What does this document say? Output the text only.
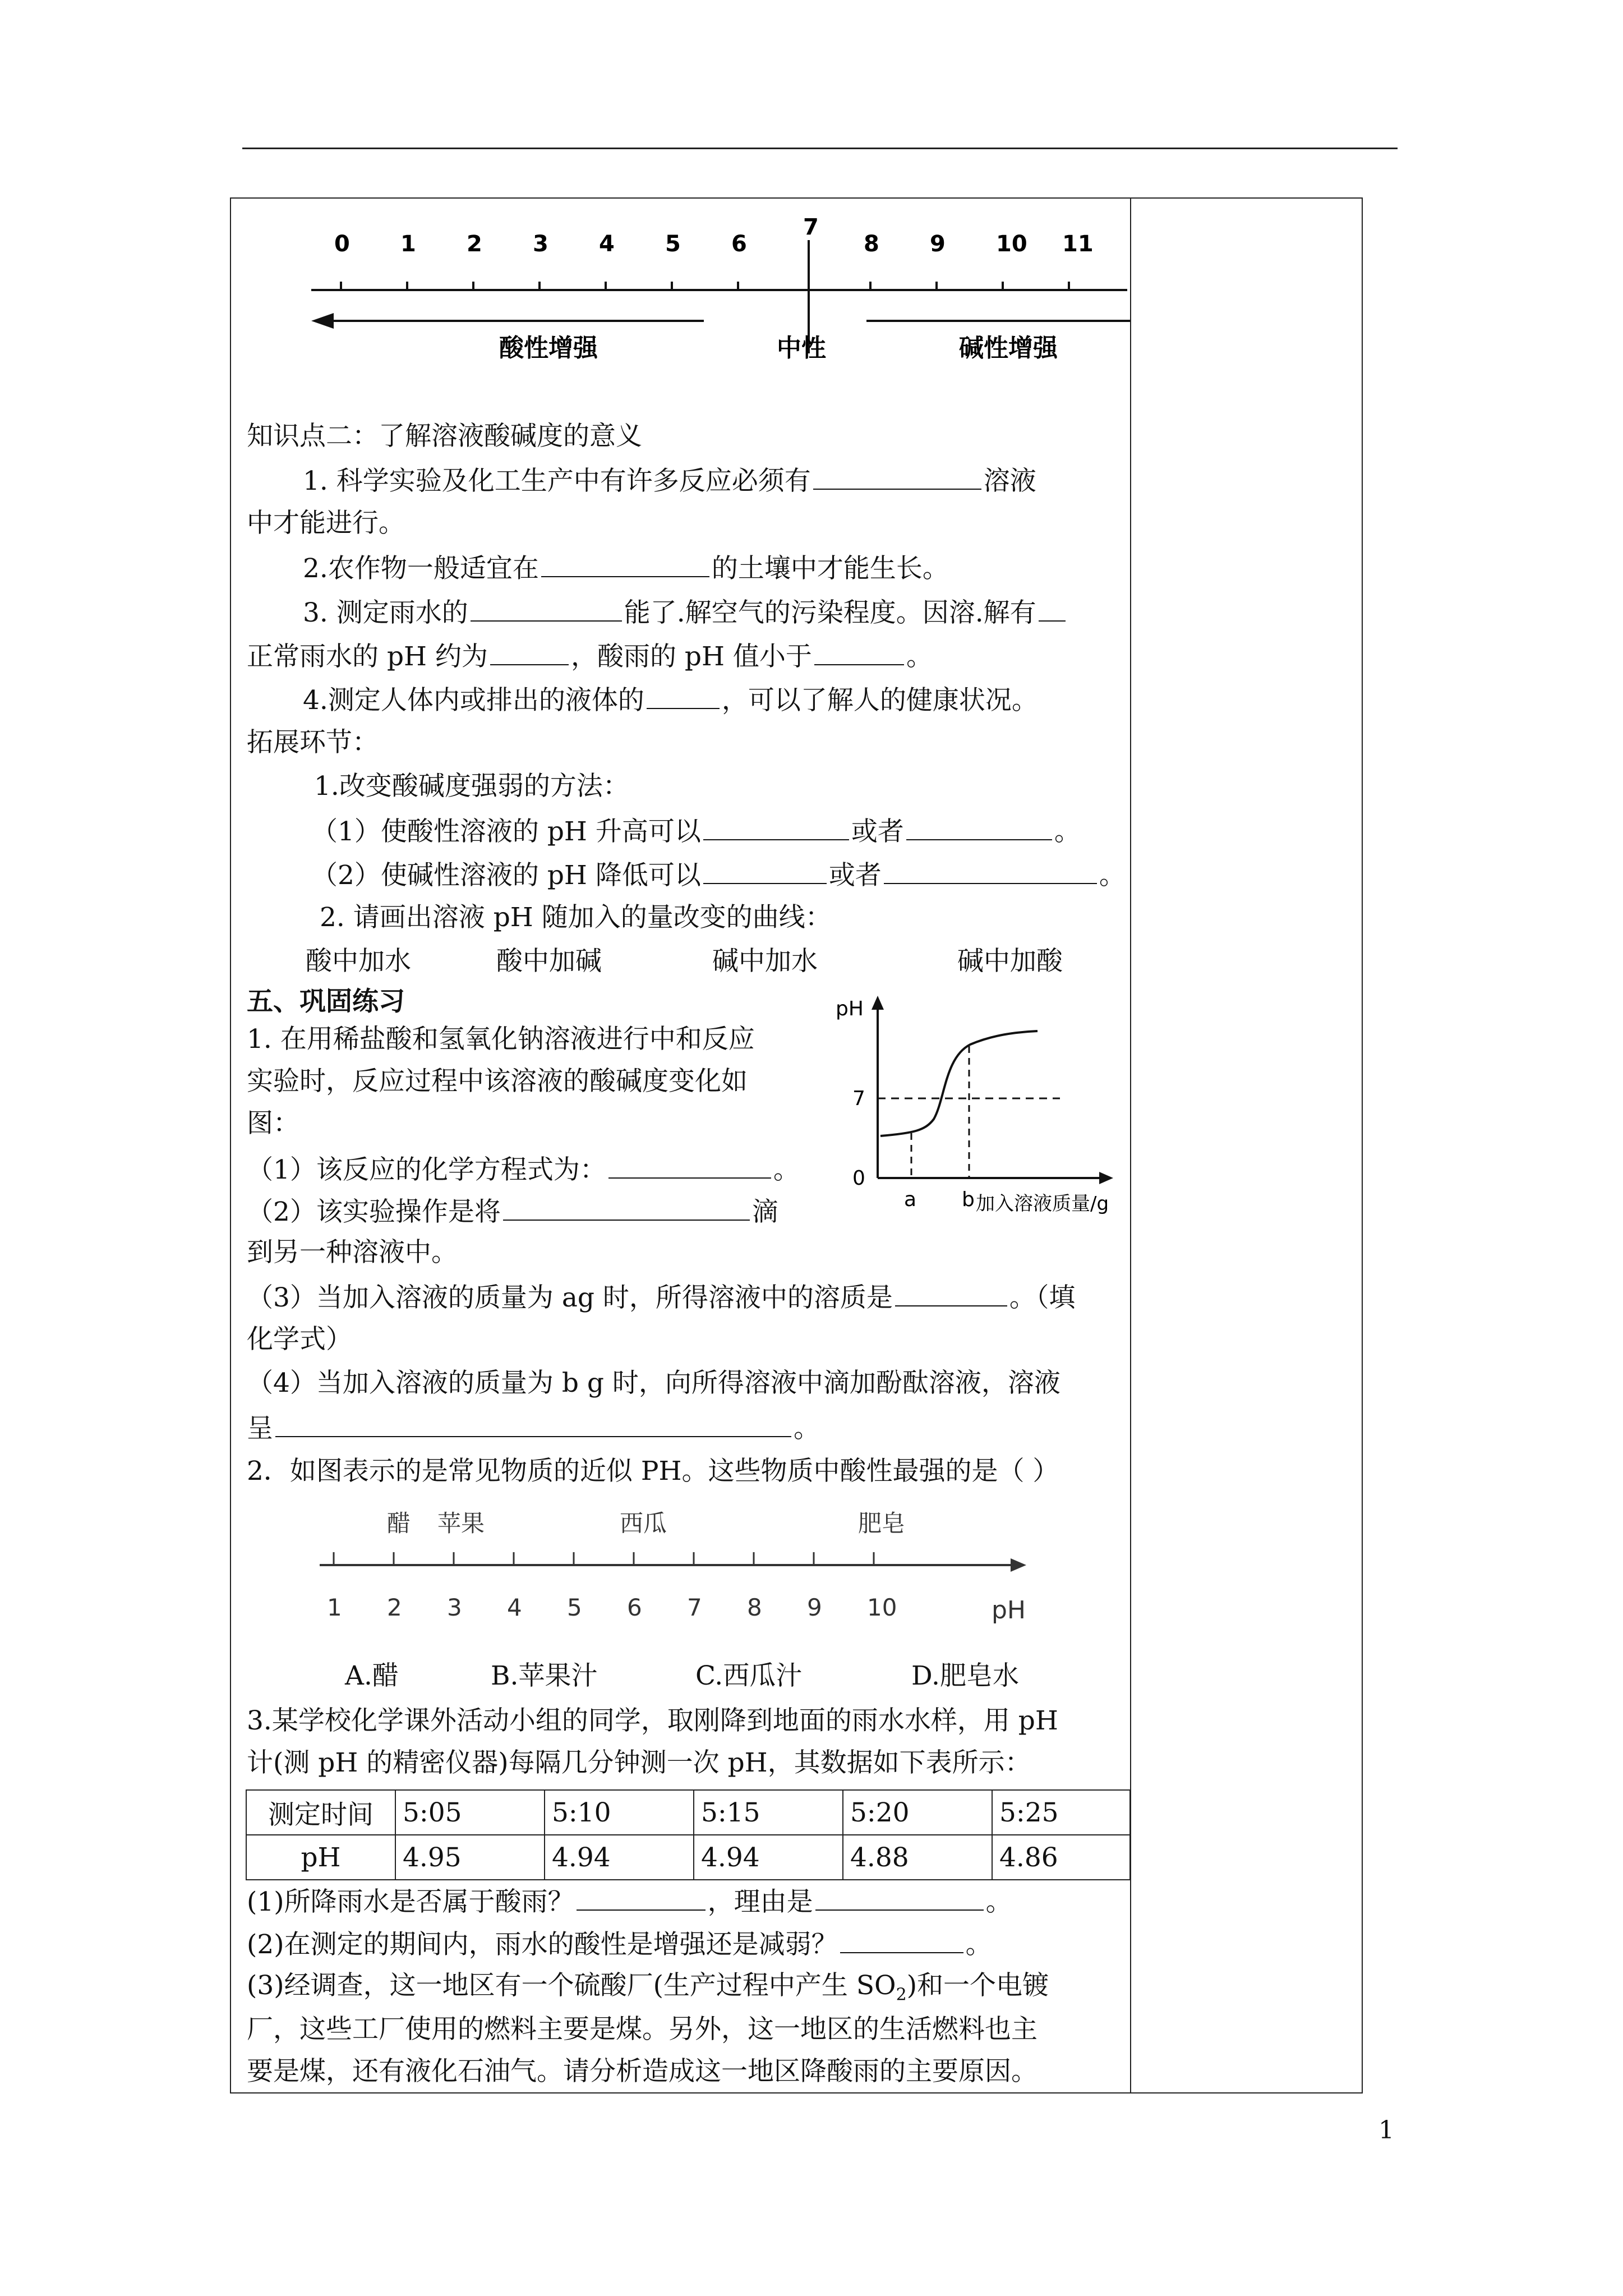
0 1 2 3 4 5 6
7
8 9 10 11
酸性增强	中性	碱性增强
知识点二：了解溶液酸碱度的意义
1. 科学实验及化工生产中有许多反应必须有	溶液
中才能进行。
2.农作物一般适宜在	的土壤中才能生长。
3. 测定雨水的	能了.解空气的污染程度。因溶.解有
正常雨水的 pH 约为	，酸雨的 pH 值小于	。
4.测定人体内或排出的液体的	，可以了解人的健康状况。
拓展环节：
1.改变酸碱度强弱的方法：
（1）使酸性溶液的 pH 升高可以	或者	。
（2）使碱性溶液的 pH 降低可以	或者	。
2. 请画出溶液 pH 随加入的量改变的曲线：
酸中加水	酸中加碱	碱中加水	碱中加酸
五、巩固练习
1. 在用稀盐酸和氢氧化钠溶液进行中和反应
实验时，反应过程中该溶液的酸碱度变化如
图：
（1）该反应的化学方程式为：	。
（2）该实验操作是将	滴
到另一种溶液中。
（3）当加入溶液的质量为 ag 时，所得溶液中的溶质是	。（填
化学式）
（4）当加入溶液的质量为 b g 时，向所得溶液中滴加酚酞溶液，溶液
呈	。
pH
7
0
a b 加入溶液质量/g
2．如图表示的是常见物质的近似 PH。这些物质中酸性最强的是（ ）
1 2 3 4 5 6 7 8 9 10	pH
醋 苹果	西瓜	肥皂
A.醋	B.苹果汁	C.西瓜汁	D.肥皂水
3.某学校化学课外活动小组的同学，取刚降到地面的雨水水样，用 pH
计(测 pH 的精密仪器)每隔几分钟测一次 pH，其数据如下表所示：
测定时间	5:05	5:10	5:15	5:20	5:25
pH	4.95	4.94	4.94	4.88	4.86
(1)所降雨水是否属于酸雨？	，理由是	。
(2)在测定的期间内，雨水的酸性是增强还是减弱？	。
(3)经调查，这一地区有一个硫酸厂(生产过程中产生 $SO_2$)和一个电镀
厂，这些工厂使用的燃料主要是煤。另外，这一地区的生活燃料也主
要是煤，还有液化石油气。请分析造成这一地区降酸雨的主要原因。
1
